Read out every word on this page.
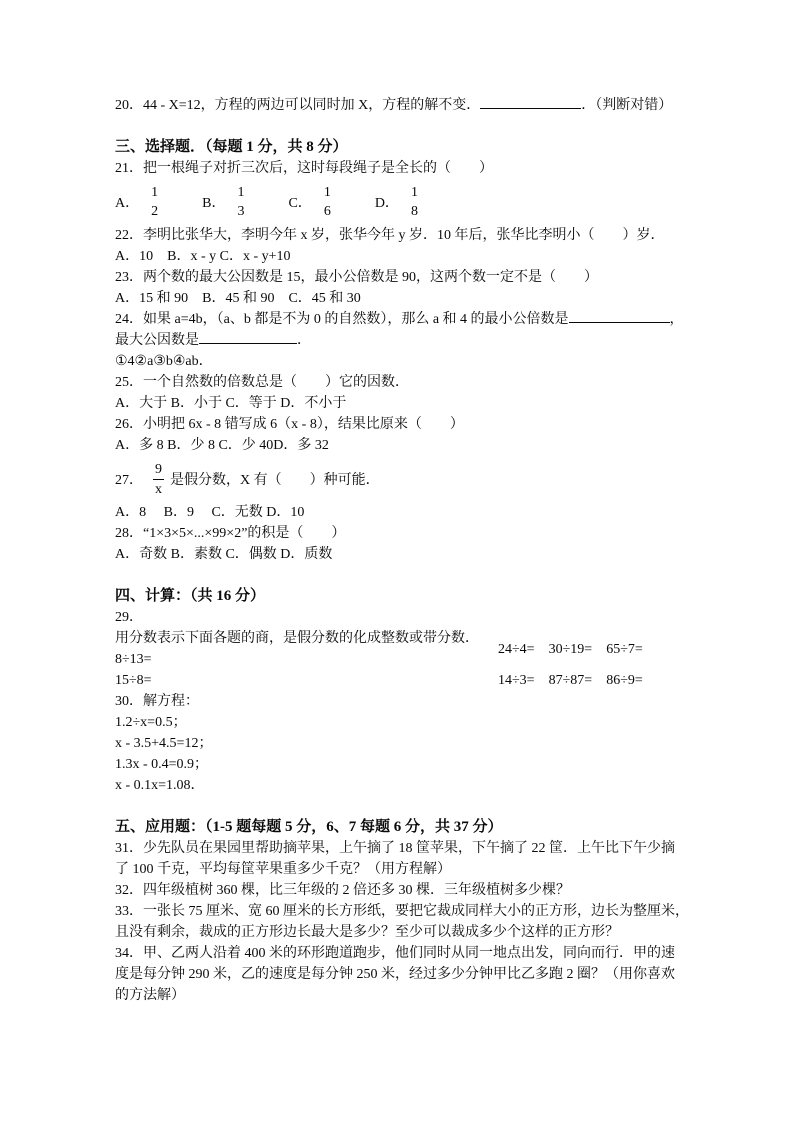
20．44 - X=12，方程的两边可以同时加 X，方程的解不变．	．（判断对错）

三、选择题．（每题 1 分，共 8 分）

21．把一根绳子对折三次后，这时每段绳子是全长的（　　）

A．
1
2
B．
1
3
C．
1
6
D．
1
8

22．李明比张华大，李明今年 x 岁，张华今年 y 岁．10 年后，张华比李明小（　　）岁．

A．10　B．x - y C．x - y+10

23．两个数的最大公因数是 15，最小公倍数是 90，这两个数一定不是（　　）

A．15 和 90　B．45 和 90　C．45 和 30

24．如果 a=4b，（a、b 都是不为 0 的自然数），那么 a 和 4 的最小公倍数是	，

最大公因数是	．

①4②a③b④ab．

25．一个自然数的倍数总是（　　）它的因数．

A．大于 B．小于 C．等于 D．不小于

26．小明把 6x - 8 错写成 6（x - 8），结果比原来（　　）

A．多 8 B．少 8 C．少 40D．多 32

27． $\frac{9}{x}$ 是假分数，X 有（　　）种可能．

A．8　 B．9　 C．无数 D．10

28．“1×3×5×...×99×2”的积是（　　）

A．奇数 B．素数 C．偶数 D．质数

四、计算：（共 16 分）

29．

用分数表示下面各题的商，是假分数的化成整数或带分数．

8÷13=
24÷4= 30÷19= 65÷7=
15÷8=	14÷3= 87÷87= 86÷9=

30．解方程：

1.2÷x=0.5；

x - 3.5+4.5=12；

1.3x - 0.4=0.9；

x - 0.1x=1.08．

五、应用题：（1-5 题每题 5 分，6、7 每题 6 分，共 37 分）

31．少先队员在果园里帮助摘苹果，上午摘了 18 筐苹果，下午摘了 22 筐．上午比下午少摘

了 100 千克，平均每筐苹果重多少千克？（用方程解）

32．四年级植树 360 棵，比三年级的 2 倍还多 30 棵．三年级植树多少棵？

33．一张长 75 厘米、宽 60 厘米的长方形纸，要把它裁成同样大小的正方形，边长为整厘米，

且没有剩余，裁成的正方形边长最大是多少？至少可以裁成多少个这样的正方形？

34．甲、乙两人沿着 400 米的环形跑道跑步，他们同时从同一地点出发，同向而行．甲的速

度是每分钟 290 米，乙的速度是每分钟 250 米，经过多少分钟甲比乙多跑 2 圈？（用你喜欢

的方法解）
